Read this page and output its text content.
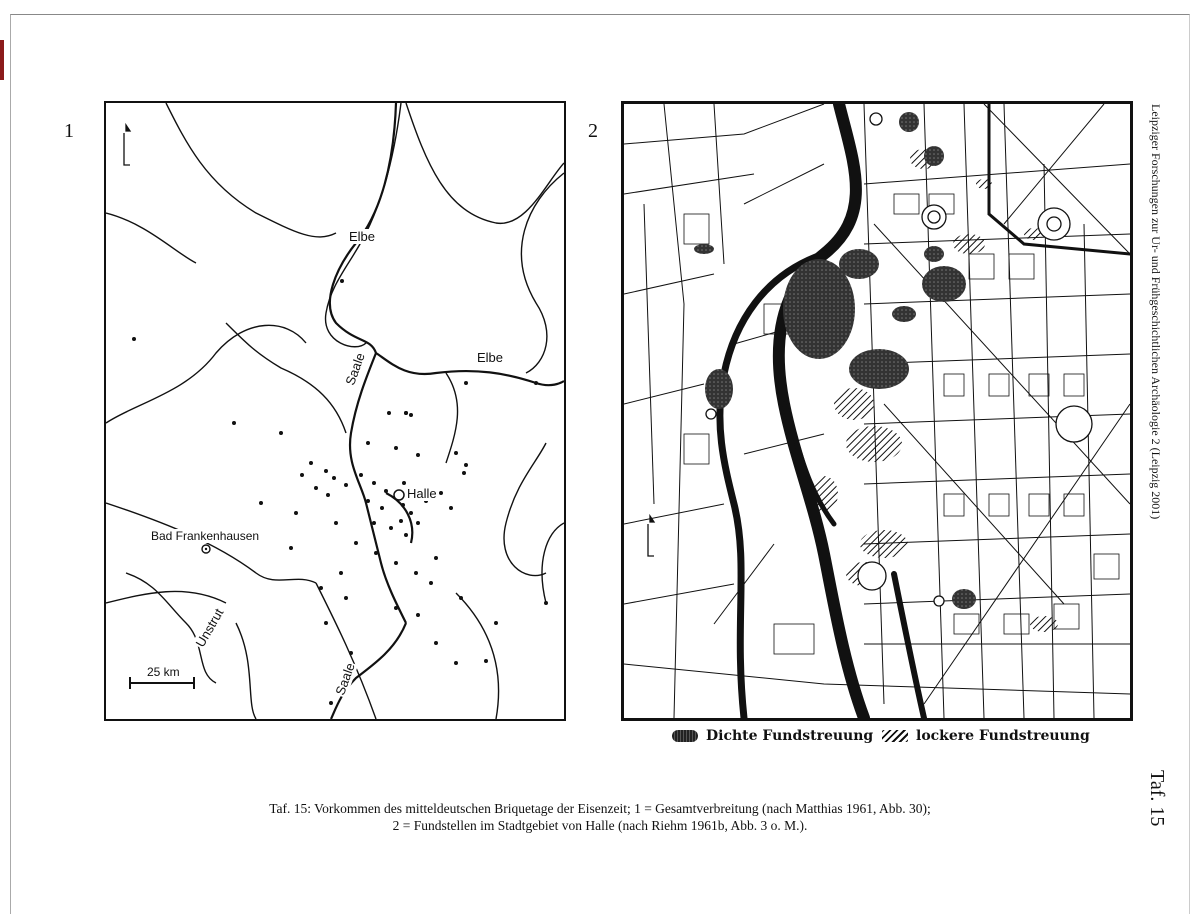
1
Elbe
Elbe
Saale
Saale
Halle
Bad Frankenhausen
Unstrut
25 km
2
Dichte Fundstreuung	lockere Fundstreuung
Taf. 15: Vorkommen des mitteldeutschen Briquetage der Eisenzeit; 1 = Gesamtverbreitung (nach Matthias 1961, Abb. 30);
2 = Fundstellen im Stadtgebiet von Halle (nach Riehm 1961b, Abb. 3 o. M.).
Leipziger Forschungen zur Ur- und Frühgeschichtlichen Archäologie 2 (Leipzig 2001)
Taf. 15
